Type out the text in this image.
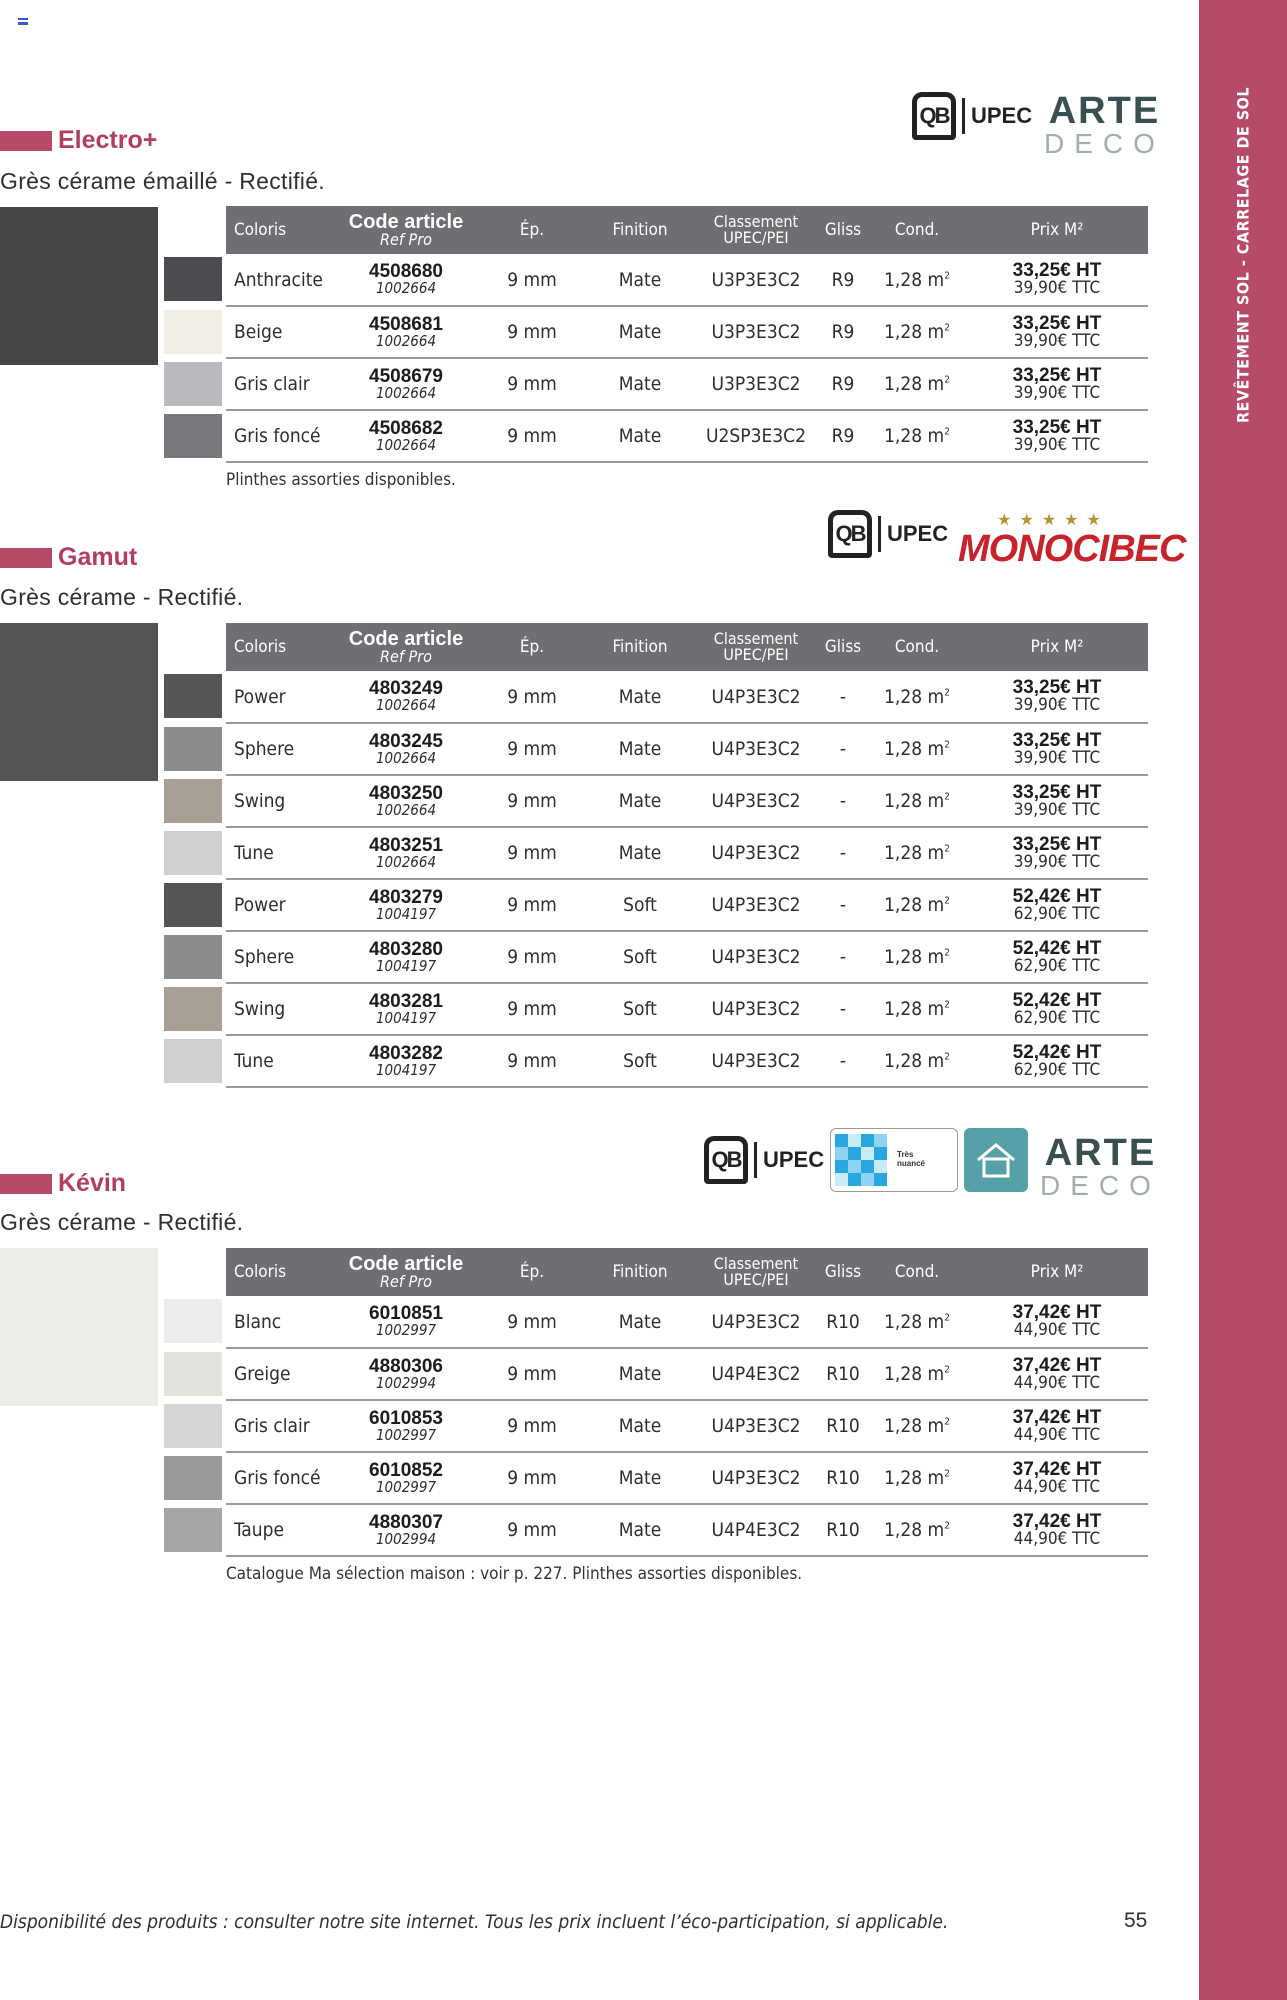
REVÊTEMENT SOL - CARRELAGE DE SOL
QB	UPEC ARTE
DECO
QB	UPEC
★★★★★
MONOCIBEC
QB	UPEC	Très
nuancé	ARTE
DECO
Electro+
Grès cérame émaillé - Rectifié.
Coloris	Code article
Ref Pro	Ép.	Finition	Classement
UPEC/PEI	Gliss	Cond.	Prix M²

Anthracite	4508680
1002664	9 mm	Mate	U3P3E3C2	R9	1,28 $m^2$	33,25€ HT
39,90€ TTC

Beige	4508681
1002664	9 mm	Mate	U3P3E3C2	R9	1,28 $m^2$	33,25€ HT
39,90€ TTC

Gris clair	4508679
1002664	9 mm	Mate	U3P3E3C2	R9	1,28 $m^2$	33,25€ HT
39,90€ TTC

Gris foncé	4508682
1002664	9 mm	Mate	U2SP3E3C2	R9	1,28 $m^2$	33,25€ HT
39,90€ TTC
Plinthes assorties disponibles.
Gamut
Grès cérame - Rectifié.
Coloris	Code article
Ref Pro	Ép.	Finition	Classement
UPEC/PEI	Gliss	Cond.	Prix M²

Power	4803249
1002664	9 mm	Mate	U4P3E3C2	-	1,28 $m^2$	33,25€ HT
39,90€ TTC

Sphere	4803245
1002664	9 mm	Mate	U4P3E3C2	-	1,28 $m^2$	33,25€ HT
39,90€ TTC

Swing	4803250
1002664	9 mm	Mate	U4P3E3C2	-	1,28 $m^2$	33,25€ HT
39,90€ TTC

Tune	4803251
1002664	9 mm	Mate	U4P3E3C2	-	1,28 $m^2$	33,25€ HT
39,90€ TTC

Power	4803279
1004197	9 mm	Soft	U4P3E3C2	-	1,28 $m^2$	52,42€ HT
62,90€ TTC

Sphere	4803280
1004197	9 mm	Soft	U4P3E3C2	-	1,28 $m^2$	52,42€ HT
62,90€ TTC

Swing	4803281
1004197	9 mm	Soft	U4P3E3C2	-	1,28 $m^2$	52,42€ HT
62,90€ TTC

Tune	4803282
1004197	9 mm	Soft	U4P3E3C2	-	1,28 $m^2$	52,42€ HT
62,90€ TTC
Kévin
Grès cérame - Rectifié.
Coloris	Code article
Ref Pro	Ép.	Finition	Classement
UPEC/PEI	Gliss	Cond.	Prix M²

Blanc	6010851
1002997	9 mm	Mate	U4P3E3C2	R10	1,28 $m^2$	37,42€ HT
44,90€ TTC

Greige	4880306
1002994	9 mm	Mate	U4P4E3C2	R10	1,28 $m^2$	37,42€ HT
44,90€ TTC

Gris clair	6010853
1002997	9 mm	Mate	U4P3E3C2	R10	1,28 $m^2$	37,42€ HT
44,90€ TTC

Gris foncé	6010852
1002997	9 mm	Mate	U4P3E3C2	R10	1,28 $m^2$	37,42€ HT
44,90€ TTC

Taupe	4880307
1002994	9 mm	Mate	U4P4E3C2	R10	1,28 $m^2$	37,42€ HT
44,90€ TTC
Catalogue Ma sélection maison : voir p. 227. Plinthes assorties disponibles.
Disponibilité des produits : consulter notre site internet. Tous les prix incluent l’éco-participation, si applicable.	55
